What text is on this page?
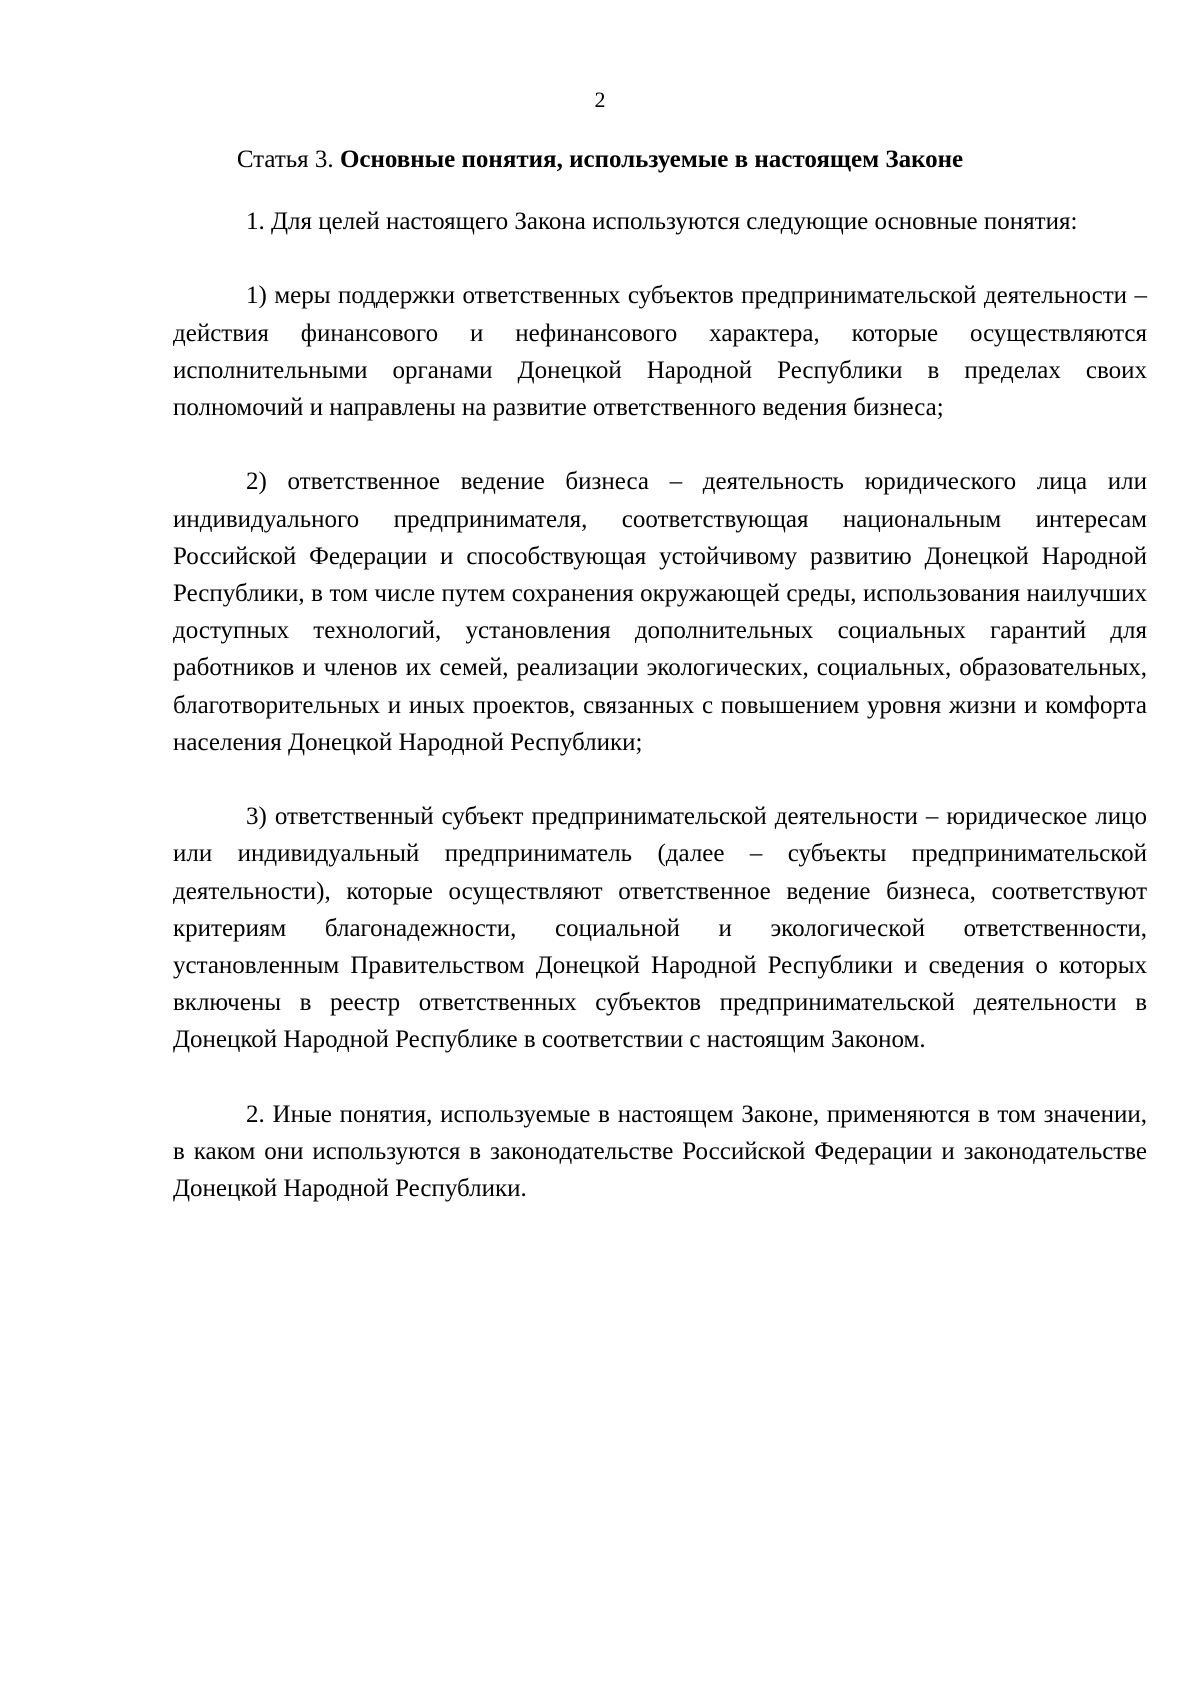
2
Статья 3. Основные понятия, используемые в настоящем Законе

1. Для целей настоящего Закона используются следующие основные понятия:

1) меры поддержки ответственных субъектов предпринимательской деятельности – действия финансового и нефинансового характера, которые осуществляются исполнительными органами Донецкой Народной Республики в пределах своих полномочий и направлены на развитие ответственного ведения бизнеса;

2) ответственное ведение бизнеса – деятельность юридического лица или индивидуального предпринимателя, соответствующая национальным интересам Российской Федерации и способствующая устойчивому развитию Донецкой Народной Республики, в том числе путем сохранения окружающей среды, использования наилучших доступных технологий, установления дополнительных социальных гарантий для работников и членов их семей, реализации экологических, социальных, образовательных, благотворительных и иных проектов, связанных с повышением уровня жизни и комфорта населения Донецкой Народной Республики;

3) ответственный субъект предпринимательской деятельности – юридическое лицо или индивидуальный предприниматель (далее – субъекты предпринимательской деятельности), которые осуществляют ответственное ведение бизнеса, соответствуют критериям благонадежности, социальной и экологической ответственности, установленным Правительством Донецкой Народной Республики и сведения о которых включены в реестр ответственных субъектов предпринимательской деятельности в Донецкой Народной Республике в соответствии с настоящим Законом.

2. Иные понятия, используемые в настоящем Законе, применяются в том значении, в каком они используются в законодательстве Российской Федерации и законодательстве Донецкой Народной Республики.
